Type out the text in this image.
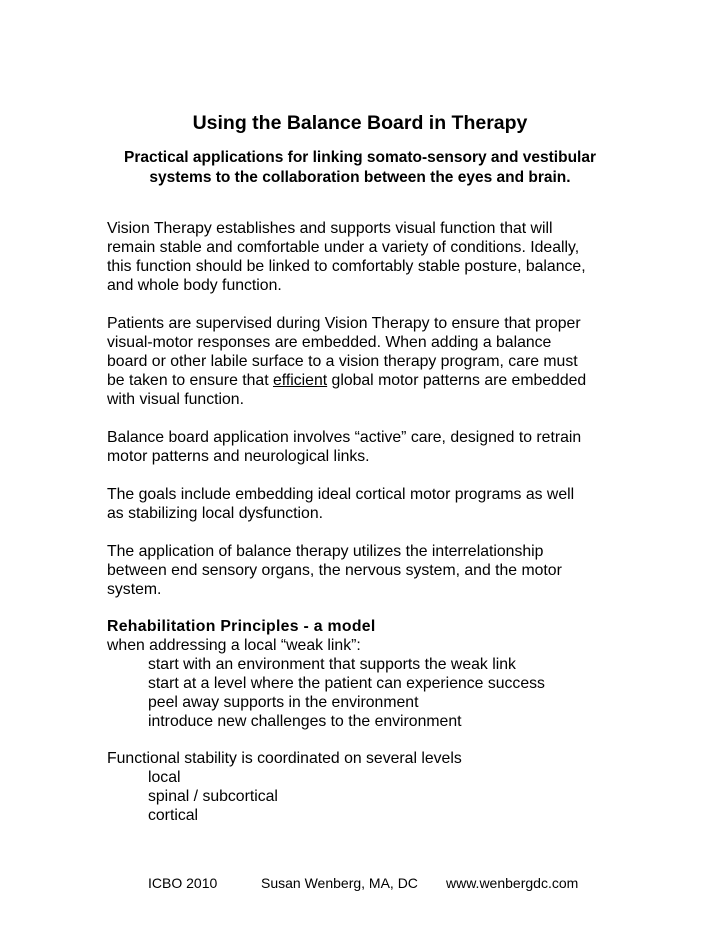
Using the Balance Board in Therapy
Practical applications for linking somato-sensory and vestibular
systems to the collaboration between the eyes and brain.
Vision Therapy establishes and supports visual function that will
remain stable and comfortable under a variety of conditions. Ideally,
this function should be linked to comfortably stable posture, balance,
and whole body function.
Patients are supervised during Vision Therapy to ensure that proper
visual-motor responses are embedded. When adding a balance
board or other labile surface to a vision therapy program, care must
be taken to ensure that efficient global motor patterns are embedded
with visual function.
Balance board application involves “active” care, designed to retrain
motor patterns and neurological links.
The goals include embedding ideal cortical motor programs as well
as stabilizing local dysfunction.
The application of balance therapy utilizes the interrelationship
between end sensory organs, the nervous system, and the motor
system.
Rehabilitation Principles - a model
when addressing a local “weak link”:
start with an environment that supports the weak link
start at a level where the patient can experience success
peel away supports in the environment
introduce new challenges to the environment
Functional stability is coordinated on several levels
local
spinal / subcortical
cortical
ICBO 2010	Susan Wenberg, MA, DC www.wenbergdc.com
